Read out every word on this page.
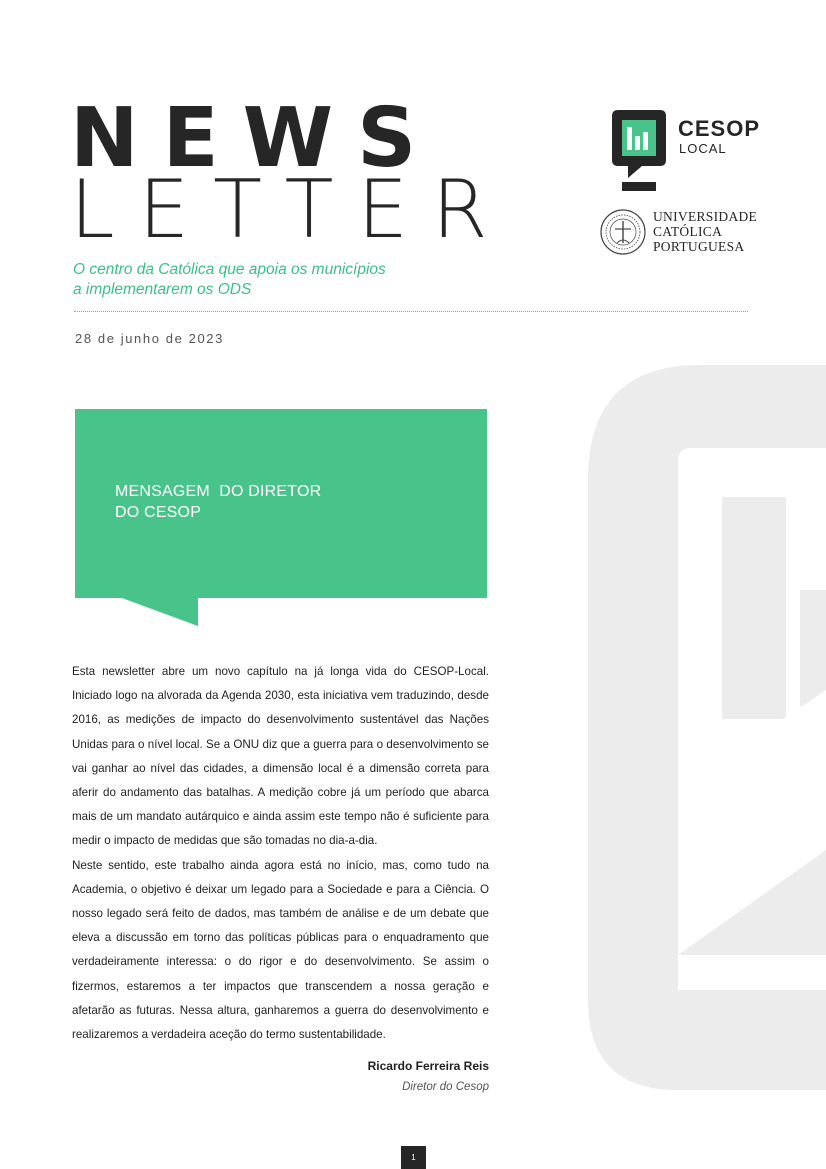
NEWS
LETTER
O centro da Católica que apoia os municípios
a implementarem os ODS
28 de junho de 2023
CESOP
LOCAL
UNIVERSIDADE
CATÓLICA
PORTUGUESA
MENSAGEM  DO DIRETOR
DO CESOP

Esta newsletter abre um novo capítulo na já longa vida do CESOP-Local. Iniciado logo na alvorada da Agenda 2030, esta iniciativa vem traduzindo, desde 2016, as medições de impacto do desenvolvimento sustentável das Nações Unidas para o nível local. Se a ONU diz que a guerra para o desenvolvimento se vai ganhar ao nível das cidades, a dimensão local é a dimensão correta para aferir do andamento das batalhas. A medição cobre já um período que abarca mais de um mandato autárquico e ainda assim este tempo não é suficiente para medir o impacto de medidas que são tomadas no dia-a-dia.

Neste sentido, este trabalho ainda agora está no início, mas, como tudo na Academia, o objetivo é deixar um legado para a Sociedade e para a Ciência. O nosso legado será feito de dados, mas também de análise e de um debate que eleva a discussão em torno das políticas públicas para o enquadramento que verdadeiramente interessa: o do rigor e do desenvolvimento. Se assim o fizermos, estaremos a ter impactos que transcendem a nossa geração e afetarão as futuras. Nessa altura, ganharemos a guerra do desenvolvimento e realizaremos a verdadeira aceção do termo sustentabilidade.

Ricardo Ferreira Reis
Diretor do Cesop
1
